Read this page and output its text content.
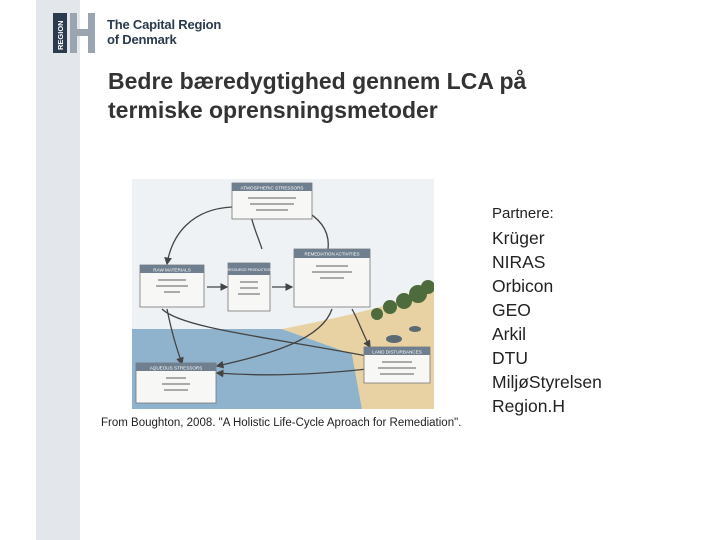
REGION	The Capital Region
of Denmark
Bedre bæredygtighed gennem LCA på
termiske oprensningsmetoder
ATMOSPHERIC STRESSORS
RAW MATERIALS	RESOURCE PRODUCTION
REMEDIATION ACTIVITIES
LAND DISTURBANCES
AQUEOUS STRESSORS
From Boughton, 2008. "A Holistic Life-Cycle Aproach for Remediation".
Partnere:
Krüger
NIRAS
Orbicon
GEO
Arkil
DTU
MiljøStyrelsen
Region.H
